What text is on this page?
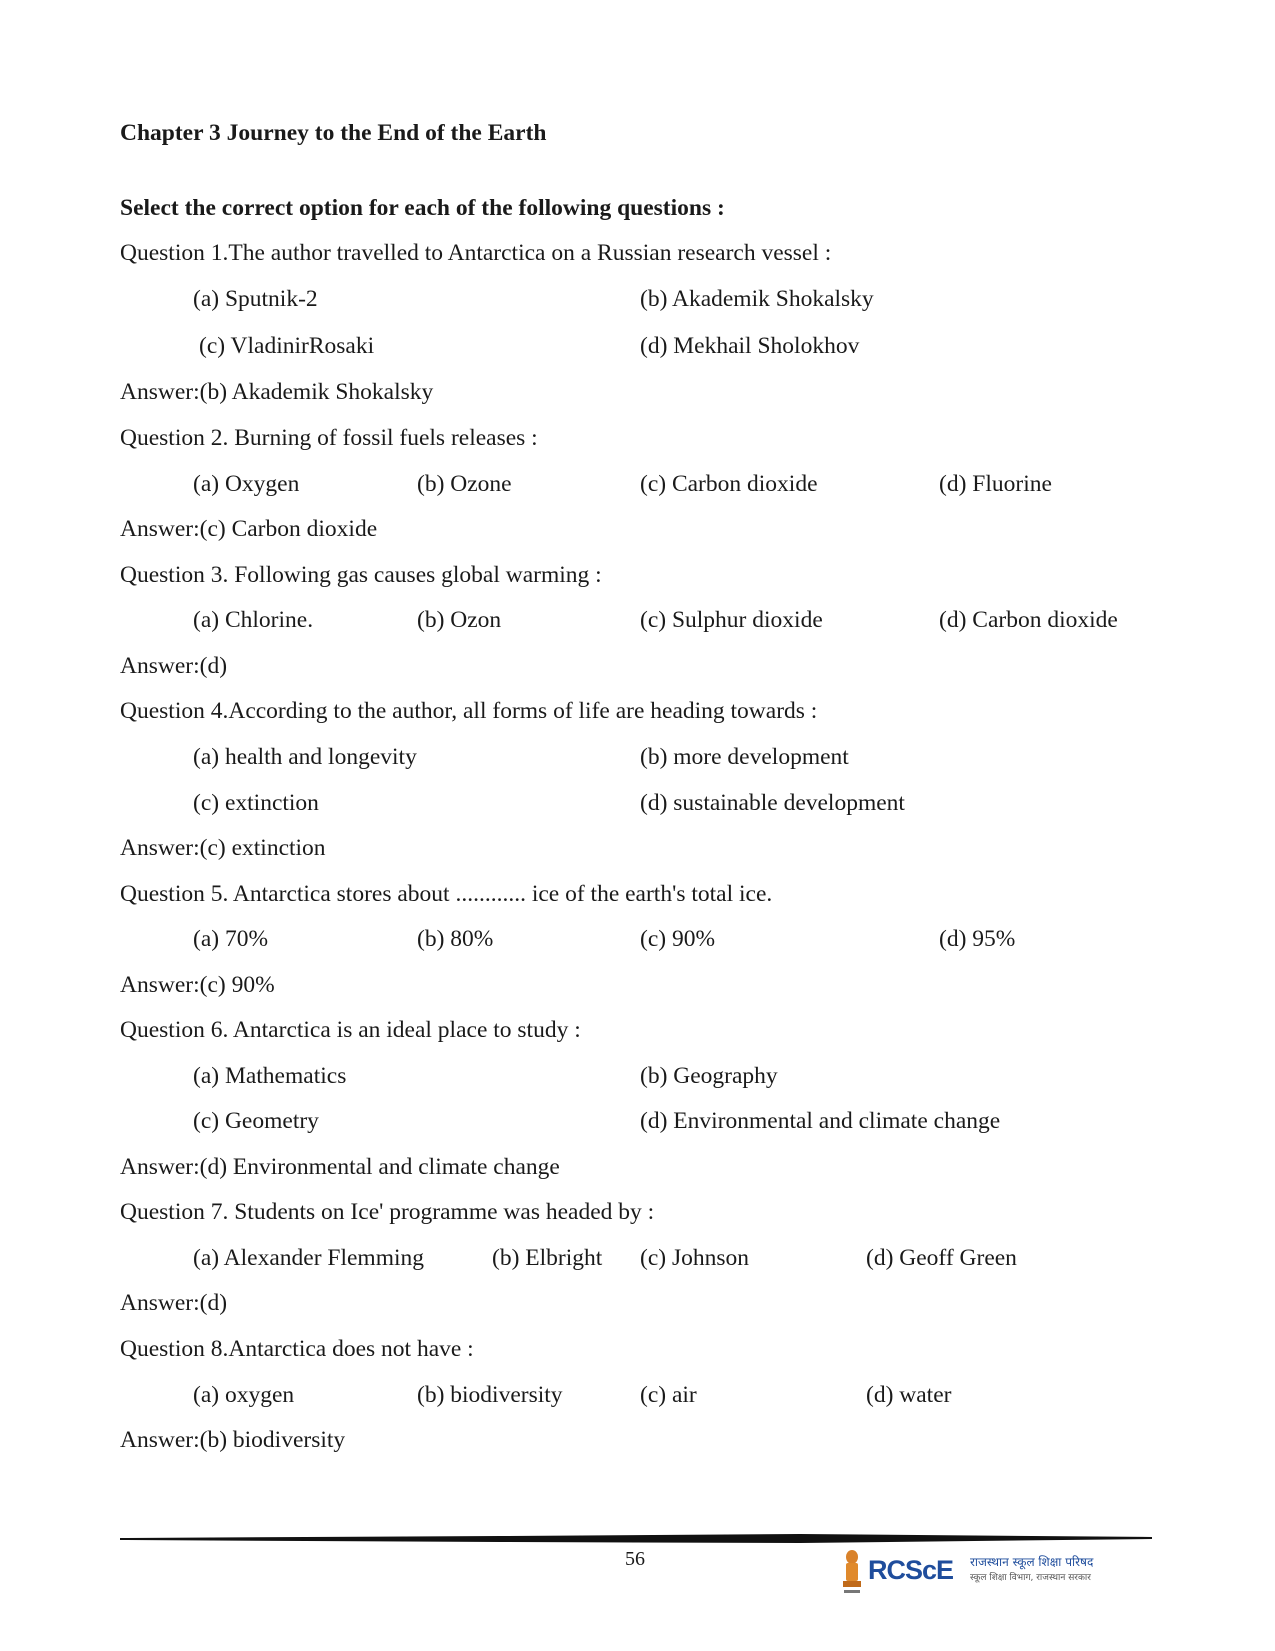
Chapter 3 Journey to the End of the Earth
Select the correct option for each of the following questions :
Question 1.The author travelled to Antarctica on a Russian research vessel :
(a) Sputnik-2	(b) Akademik Shokalsky
(c) VladinirRosaki	(d) Mekhail Sholokhov
Answer:(b) Akademik Shokalsky
Question 2. Burning of fossil fuels releases :
(a) Oxygen	(b) Ozone	(c) Carbon dioxide	(d) Fluorine
Answer:(c) Carbon dioxide
Question 3. Following gas causes global warming :
(a) Chlorine.	(b) Ozon	(c) Sulphur dioxide	(d) Carbon dioxide
Answer:(d)
Question 4.According to the author, all forms of life are heading towards :
(a) health and longevity	(b) more development
(c) extinction	(d) sustainable development
Answer:(c) extinction
Question 5. Antarctica stores about ............ ice of the earth's total ice.
(a) 70%	(b) 80%	(c) 90%	(d) 95%
Answer:(c) 90%
Question 6. Antarctica is an ideal place to study :
(a) Mathematics	(b) Geography
(c) Geometry	(d) Environmental and climate change
Answer:(d) Environmental and climate change
Question 7. Students on Ice' programme was headed by :
(a) Alexander Flemming	(b) Elbright (c) Johnson	(d) Geoff Green
Answer:(d)
Question 8.Antarctica does not have :
(a) oxygen	(b) biodiversity	(c) air	(d) water
Answer:(b) biodiversity
56	RCScE राजस्थान स्कूल शिक्षा परिषद
स्कूल शिक्षा विभाग, राजस्थान सरकार
